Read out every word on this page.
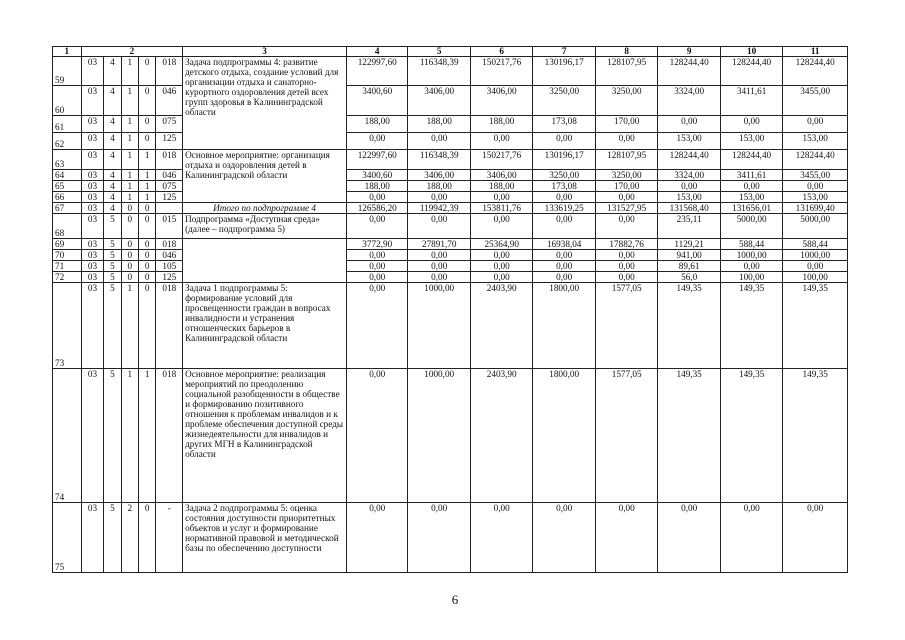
1	2					3	4	5	6	7	8	9	10	11
59	03	4	1	0	018	Задача подпрограммы 4: развитие детского отдыха, создание условий для организации отдыха и санаторно-курортного оздоровления детей всех групп здоровья в Калининградской области	122997,60	116348,39	150217,76	130196,17	128107,95	128244,40	128244,40	128244,40
60	03	4	1	0	046		3400,60	3406,00	3406,00	3250,00	3250,00	3324,00	3411,61	3455,00
61	03	4	1	0	075		188,00	188,00	188,00	173,08	170,00	0,00	0,00	0,00
62	03	4	1	0	125		0,00	0,00	0,00	0,00	0,00	153,00	153,00	153,00
63	03	4	1	1	018	Основное мероприятие: организация отдыха и оздоровления детей в Калининградской области	122997,60	116348,39	150217,76	130196,17	128107,95	128244,40	128244,40	128244,40
64	03	4	1	1	046		3400,60	3406,00	3406,00	3250,00	3250,00	3324,00	3411,61	3455,00
65	03	4	1	1	075		188,00	188,00	188,00	173,08	170,00	0,00	0,00	0,00
66	03	4	1	1	125		0,00	0,00	0,00	0,00	0,00	153,00	153,00	153,00
67	03	4	0	0		Итого по подпрограмме 4	126586,20	119942,39	153811,76	133619,25	131527,95	131568,40	131656,01	131699,40
68	03	5	0	0	015	Подпрограмма «Доступная среда» (далее – подпрограмма 5)	0,00	0,00	0,00	0,00	0,00	235,11	5000,00	5000,00
69	03	5	0	0	018		3772,90	27891,70	25364,90	16938,04	17882,76	1129,21	588,44	588,44
70	03	5	0	0	046		0,00	0,00	0,00	0,00	0,00	941,00	1000,00	1000,00
71	03	5	0	0	105		0,00	0,00	0,00	0,00	0,00	89,61	0,00	0,00
72	03	5	0	0	125		0,00	0,00	0,00	0,00	0,00	56,0	100,00	100,00
73	03	5	1	0	018	Задача 1 подпрограммы 5: формирование условий для просвещенности граждан в вопросах инвалидности и устранения отношенческих барьеров в Калининградской области	0,00	1000,00	2403,90	1800,00	1577,05	149,35	149,35	149,35
74	03	5	1	1	018	Основное мероприятие: реализация мероприятий по преодолению социальной разобщенности в обществе и формированию позитивного отношения к проблемам инвалидов и к проблеме обеспечения доступной среды жизнедеятельности для инвалидов и других МГН в Калининградской области	0,00	1000,00	2403,90	1800,00	1577,05	149,35	149,35	149,35
75	03	5	2	0	-	Задача 2 подпрограммы 5: оценка состояния доступности приоритетных объектов и услуг и формирование нормативной правовой и методической базы по обеспечению доступности	0,00	0,00	0,00	0,00	0,00	0,00	0,00	0,00
6
